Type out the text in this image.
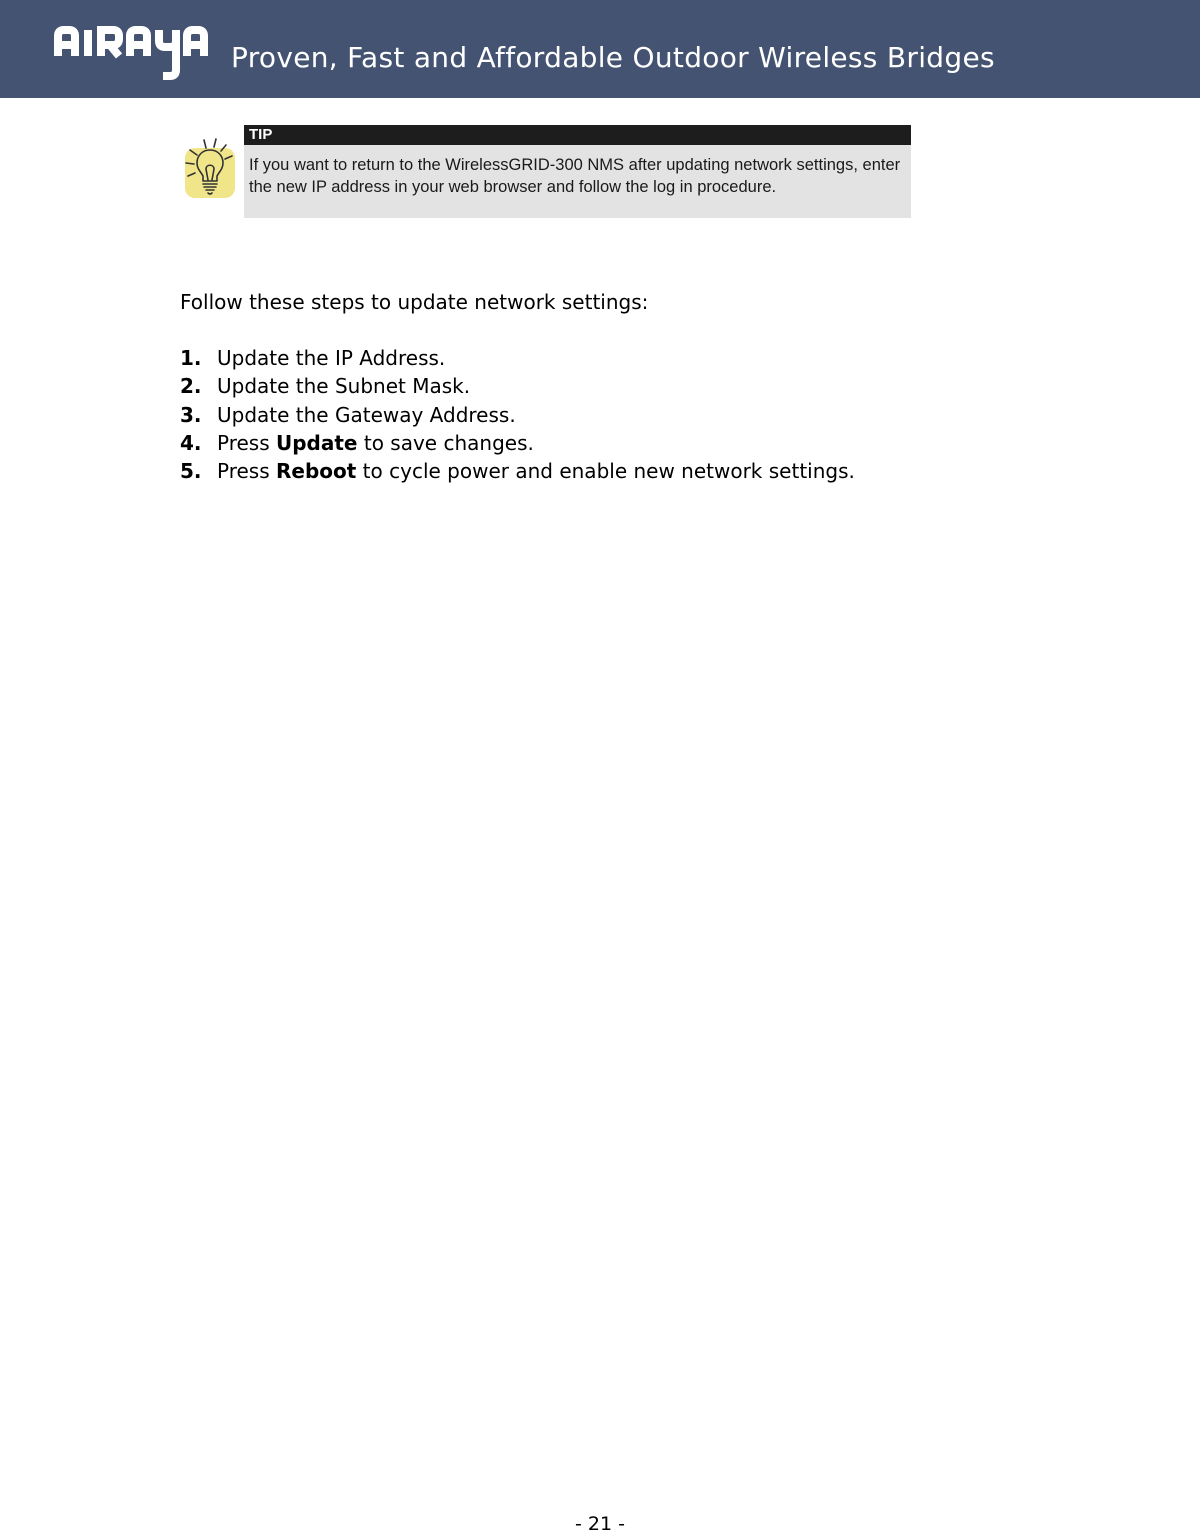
Proven, Fast and Affordable Outdoor Wireless Bridges
TIP
If you want to return to the WirelessGRID-300 NMS after updating network settings, enter the new IP address in your web browser and follow the log in procedure.
Follow these steps to update network settings:
1. Update the IP Address.
2. Update the Subnet Mask.
3. Update the Gateway Address.
4. Press Update to save changes.
5. Press Reboot to cycle power and enable new network settings.
- 21 -
